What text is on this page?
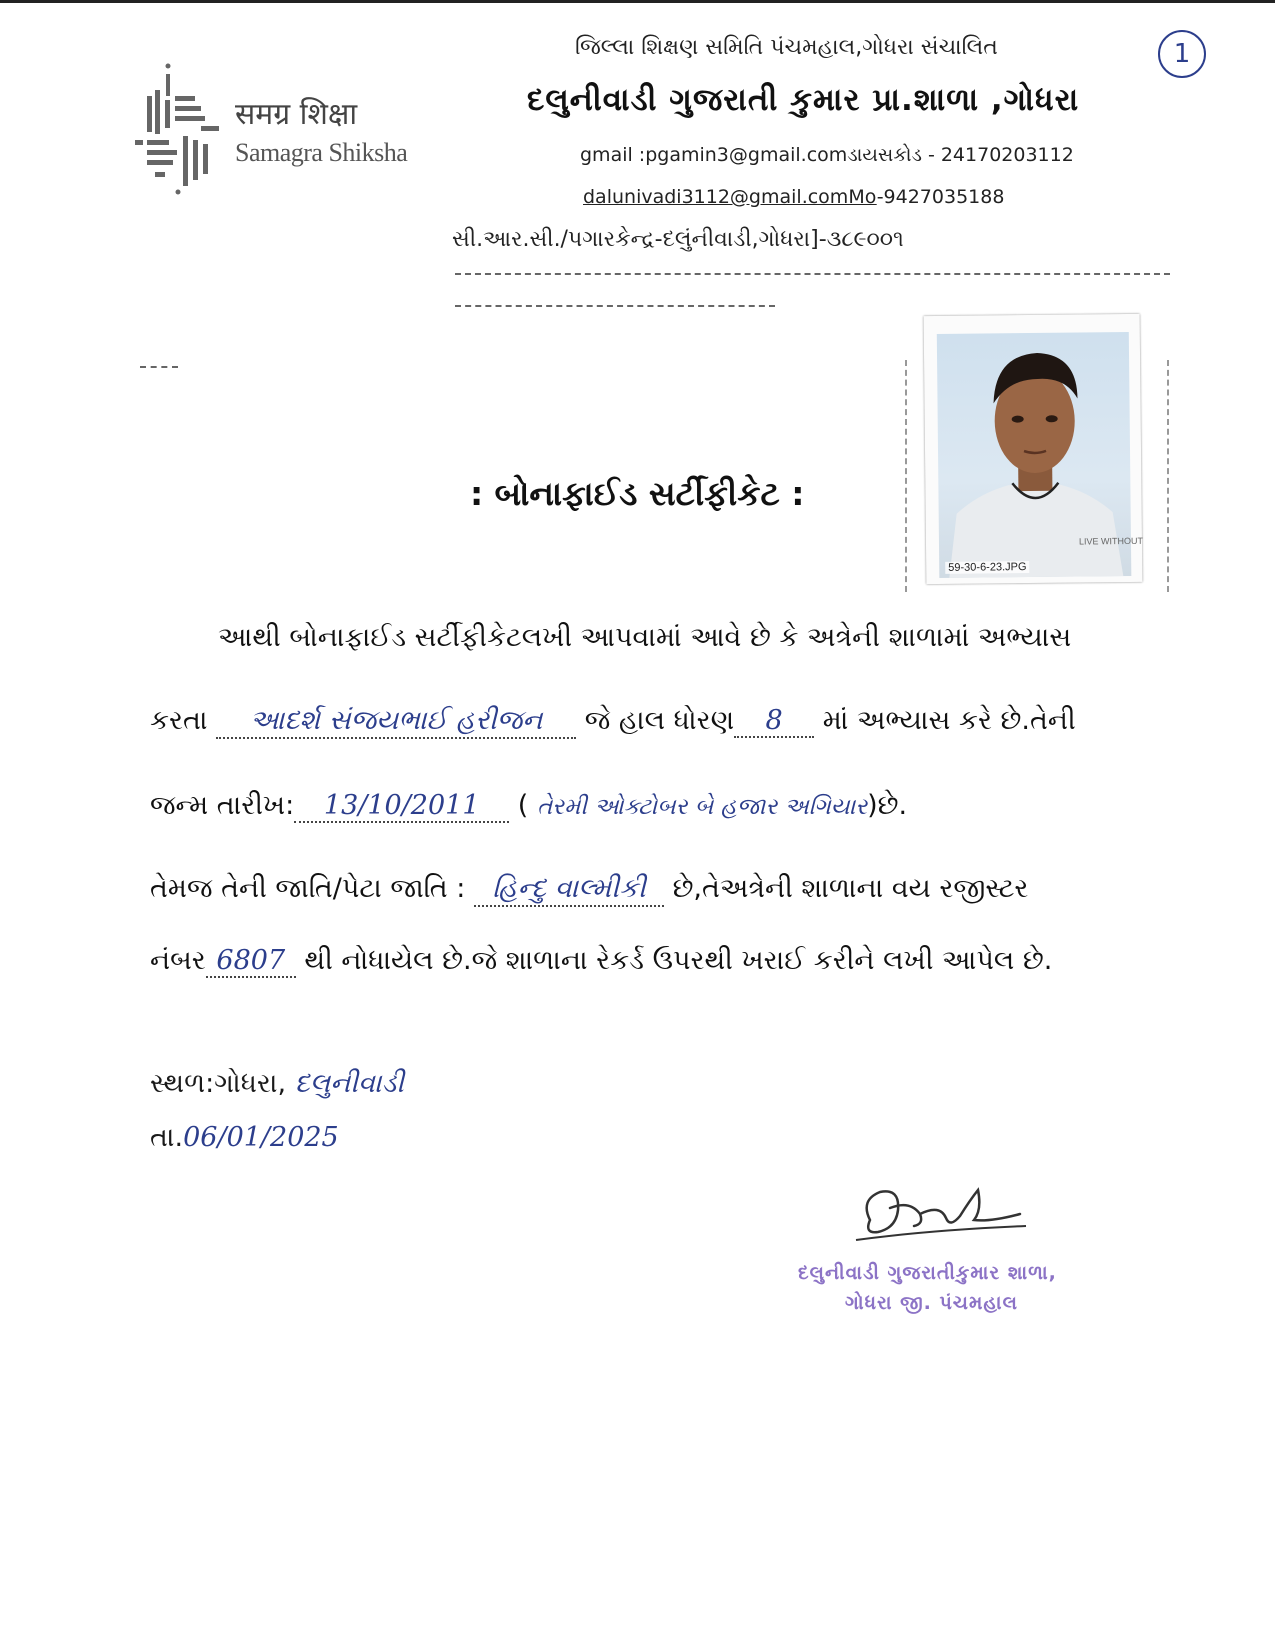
समग्र शिक्षा
Samagra Shiksha
1
જિલ્લા શિક્ષણ સમિતિ પંચમહાલ,ગોધરા સંચાલિત
દલુનીવાડી ગુજરાતી કુમાર પ્રા.શાળા ,ગોધરા
gmail :pgamin3@gmail.comડાયસકોડ - 24170203112
dalunivadi3112@gmail.comMo-9427035188
સી.આર.સી./પગારકેન્દ્ર-દલુંનીવાડી,ગોધરા]-૩૮૯૦૦૧
LIVE WITHOUT
59-30-6-23.JPG
: બોનાફાઈડ સર્ટીફીકેટ :
આથી બોનાફાઈડ સર્ટીફીકેટલખી આપવામાં આવે છે કે અત્રેની શાળામાં અભ્યાસ
કરતા આદર્શ સંજયભાઈ હરીજન જે હાલ ધોરણ 8 માં અભ્યાસ કરે છે.તેની
જન્મ તારીખ: 13/10/2011 ( તેરમી ઓક્ટોબર બે હજાર અગિયાર)છે.
તેમજ તેની જાતિ/પેટા જાતિ : હિન્દુ વાલ્મીકી છે,તેઅત્રેની શાળાના વય રજીસ્ટર
નંબર 6807 થી નોધાયેલ છે.જે શાળાના રેકર્ડ ઉપરથી ખરાઈ કરીને લખી આપેલ છે.
સ્થળ:ગોધરા, દલુનીવાડી
તા.06/01/2025
દલુનીવાડી ગુજરાતીકુમાર શાળા,
ગોધરા જી. પંચમહાલ
